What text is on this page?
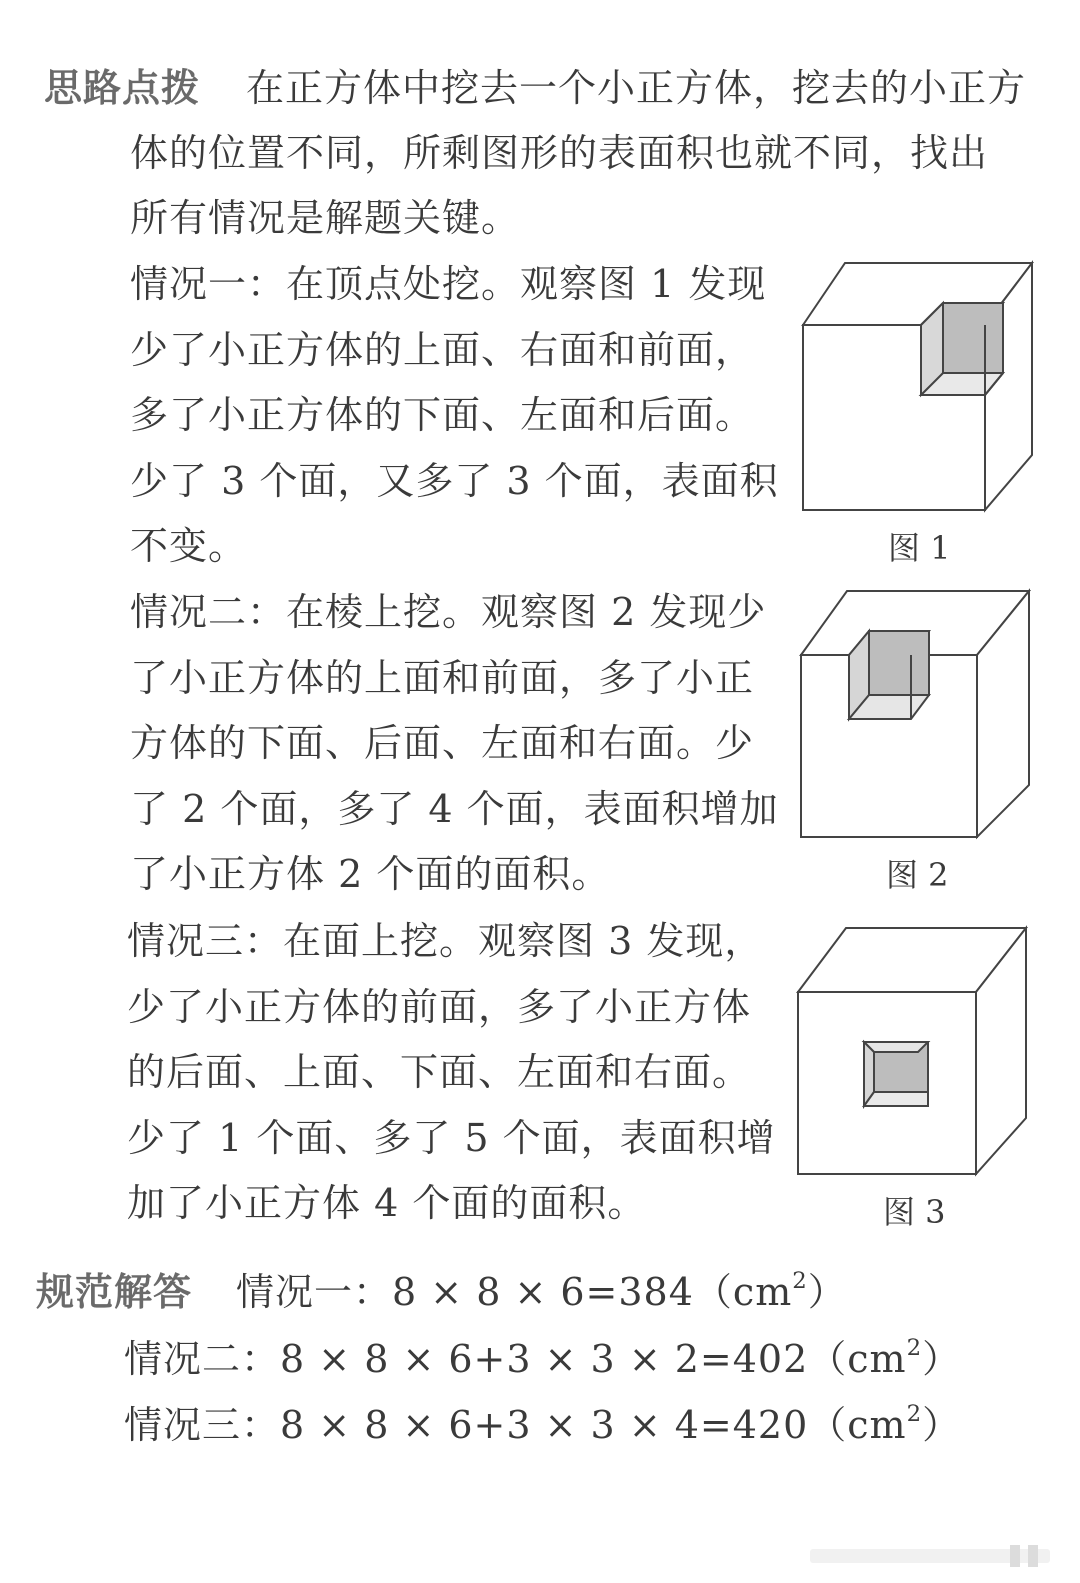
思路点拨 在正方体中挖去一个小正方体，挖去的小正方
体的位置不同，所剩图形的表面积也就不同，找出
所有情况是解题关键。
情况一：在顶点处挖。观察图 1 发现
少了小正方体的上面、右面和前面，
多了小正方体的下面、左面和后面。
少了 3 个面，又多了 3 个面，表面积
不变。	图 1
情况二：在棱上挖。观察图 2 发现少
了小正方体的上面和前面，多了小正
方体的下面、后面、左面和右面。少
了 2 个面，多了 4 个面，表面积增加
了小正方体 2 个面的面积。	图 2
情况三：在面上挖。观察图 3 发现，
少了小正方体的前面，多了小正方体
的后面、上面、下面、左面和右面。
少了 1 个面、多了 5 个面，表面积增
加了小正方体 4 个面的面积。	图 3
规范解答 情况一：$8 \times 8 \times 6=384(cm^2)$
情况二：$8 \times 8 \times 6+3 \times 3 \times 2=402(cm^2)$
情况三：$8 \times 8 \times 6+3 \times 3 \times 4=420(cm^2)$
